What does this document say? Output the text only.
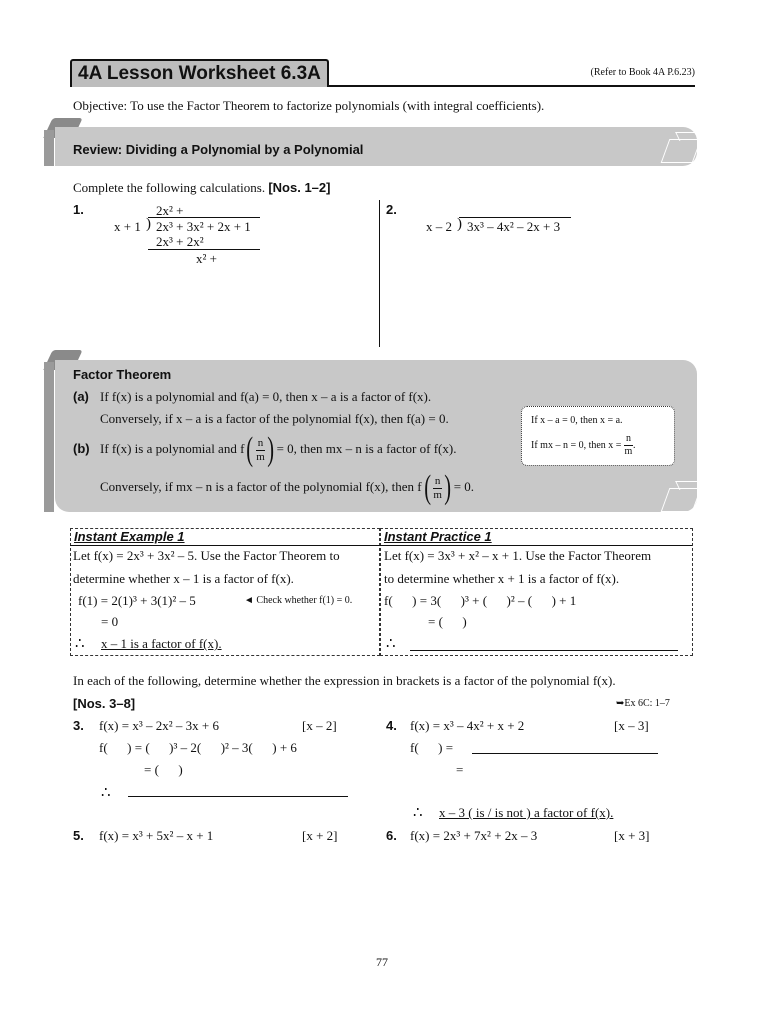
4A Lesson Worksheet 6.3A	(Refer to Book 4A P.6.23)
Objective: To use the Factor Theorem to factorize polynomials (with integral coefficients).
Review: Dividing a Polynomial by a Polynomial
Complete the following calculations. [Nos. 1–2]
1.	2x² +
x + 1 ) 2x³ + 3x² + 2x + 1
2x³ + 2x²
x² +
2.
x – 2 ) 3x³ – 4x² – 2x + 3
Factor Theorem
(a) If f(x) is a polynomial and f(a) = 0, then x – a is a factor of f(x).
Conversely, if x – a is a factor of the polynomial f(x), then f(a) = 0.
(b) If f(x) is a polynomial and $f( \frac{n}{m}$ ) = 0, then mx – n is a factor of f(x).
Conversely, if mx – n is a factor of the polynomial f(x), then $f( \frac{n}{m}$ ) = 0.
If x – a = 0, then x = a.
If mx – n = 0, then $x = \frac{n}{m}$ .
Instant Example 1
Let f(x) = 2x³ + 3x² – 5. Use the Factor Theorem to
determine whether x – 1 is a factor of f(x).
f(1) = 2(1)³ + 3(1)² – 5	◄ Check whether f(1) = 0.
= 0
∴ x – 1 is a factor of f(x).
Instant Practice 1
Let f(x) = 3x³ + x² – x + 1. Use the Factor Theorem
to determine whether x + 1 is a factor of f(x).
f(      ) = 3(      )³ + (      )² – (      ) + 1
= (      )
∴
In each of the following, determine whether the expression in brackets is a factor of the polynomial f(x).
[Nos. 3–8]	➥Ex 6C: 1–7
3. f(x) = x³ – 2x² – 3x + 6	[x – 2]
f(      ) = (      )³ – 2(      )² – 3(      ) + 6
= (      )
∴
4. f(x) = x³ – 4x² + x + 2	[x – 3]
f(      ) =
=
∴ x – 3 ( is / is not ) a factor of f(x).
5. f(x) = x³ + 5x² – x + 1	[x + 2]	6. f(x) = 2x³ + 7x² + 2x – 3	[x + 3]
77
